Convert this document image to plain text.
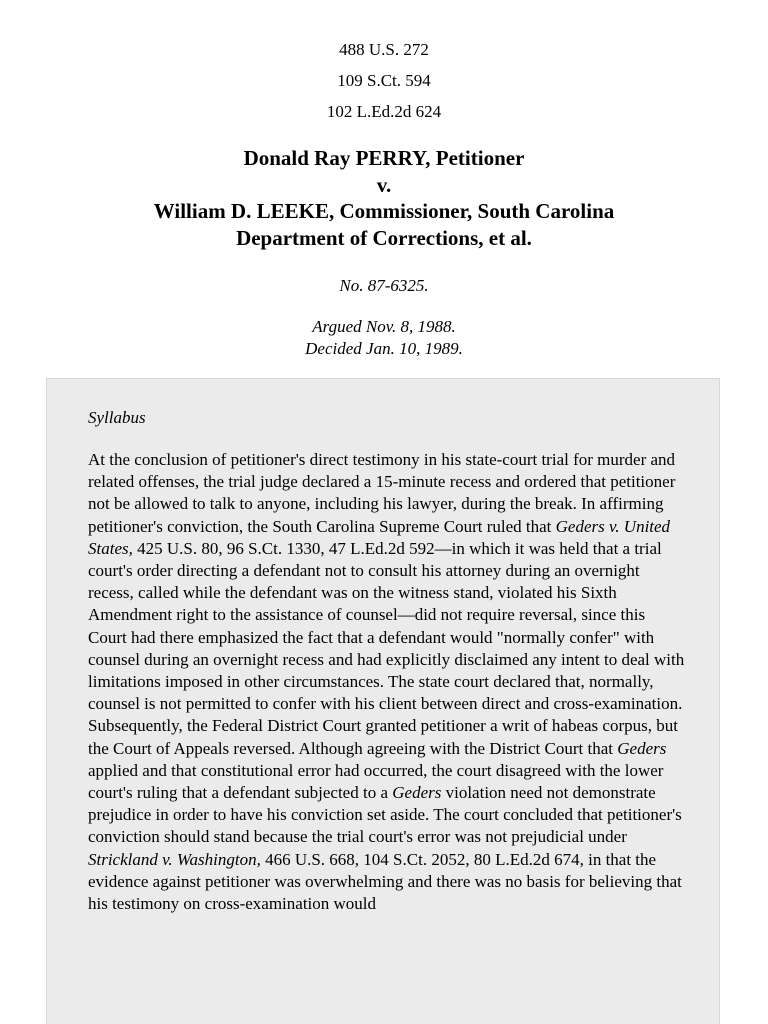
488 U.S. 272
109 S.Ct. 594
102 L.Ed.2d 624
Donald Ray PERRY, Petitioner
v.
William D. LEEKE, Commissioner, South Carolina
Department of Corrections, et al.
No. 87-6325.
Argued Nov. 8, 1988.
Decided Jan. 10, 1989.
Syllabus

At the conclusion of petitioner's direct testimony in his state-court trial for murder and related offenses, the trial judge declared a 15-minute recess and ordered that petitioner not be allowed to talk to anyone, including his lawyer, during the break. In affirming petitioner's conviction, the South Carolina Supreme Court ruled that Geders v. United States, 425 U.S. 80, 96 S.Ct. 1330, 47 L.Ed.2d 592—in which it was held that a trial court's order directing a defendant not to consult his attorney during an overnight recess, called while the defendant was on the witness stand, violated his Sixth Amendment right to the assistance of counsel—did not require reversal, since this Court had there emphasized the fact that a defendant would "normally confer" with counsel during an overnight recess and had explicitly disclaimed any intent to deal with limitations imposed in other circumstances. The state court declared that, normally, counsel is not permitted to confer with his client between direct and cross-examination. Subsequently, the Federal District Court granted petitioner a writ of habeas corpus, but the Court of Appeals reversed. Although agreeing with the District Court that Geders applied and that constitutional error had occurred, the court disagreed with the lower court's ruling that a defendant subjected to a Geders violation need not demonstrate prejudice in order to have his conviction set aside. The court concluded that petitioner's conviction should stand because the trial court's error was not prejudicial under Strickland v. Washington, 466 U.S. 668, 104 S.Ct. 2052, 80 L.Ed.2d 674, in that the evidence against petitioner was overwhelming and there was no basis for believing that his testimony on cross-examination would
